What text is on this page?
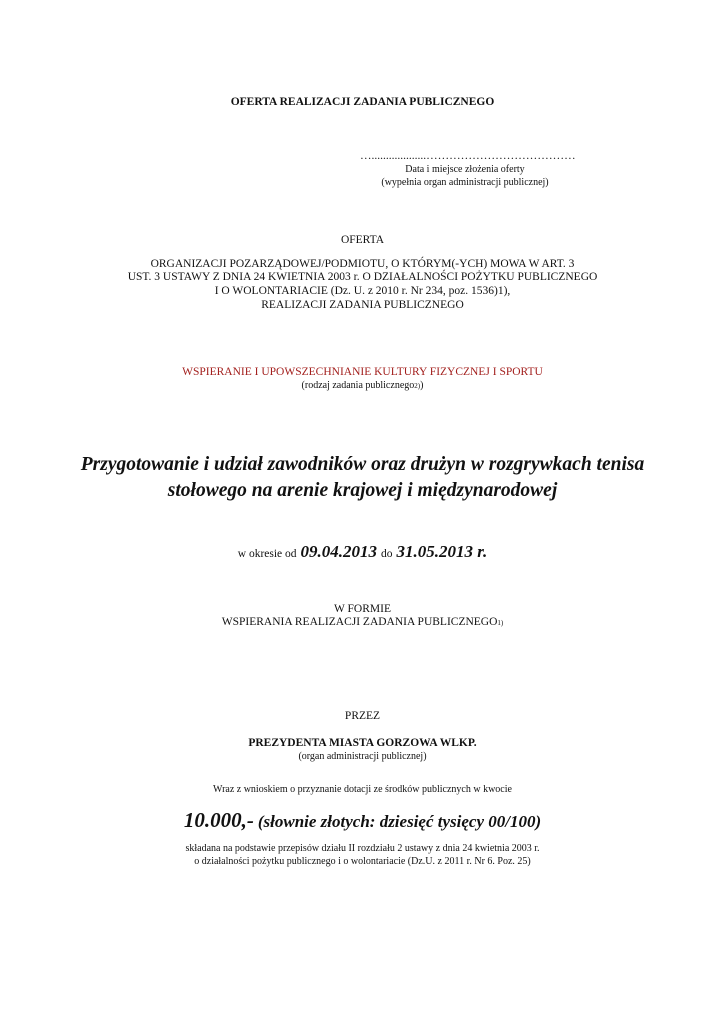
OFERTA REALIZACJI ZADANIA PUBLICZNEGO
…...................…………………………………
Data i miejsce złożenia oferty
(wypełnia organ administracji publicznej)
OFERTA
ORGANIZACJI POZARZĄDOWEJ/PODMIOTU, O KTÓRYM(-YCH) MOWA W ART. 3
UST. 3 USTAWY Z DNIA 24 KWIETNIA 2003 r. O DZIAŁALNOŚCI POŻYTKU PUBLICZNEGO
I O WOLONTARIACIE (Dz. U. z 2010 r. Nr 234, poz. 1536)1),
REALIZACJI ZADANIA PUBLICZNEGO
WSPIERANIE I UPOWSZECHNIANIE KULTURY FIZYCZNEJ I SPORTU
(rodzaj zadania publicznego2))
Przygotowanie i udział zawodników oraz drużyn w rozgrywkach tenisa
stołowego na arenie krajowej i międzynarodowej
w okresie od 09.04.2013 do 31.05.2013 r.
W FORMIE
WSPIERANIA REALIZACJI ZADANIA PUBLICZNEGO1)
PRZEZ
PREZYDENTA MIASTA GORZOWA WLKP.
(organ administracji publicznej)
Wraz z wnioskiem o przyznanie dotacji ze środków publicznych w kwocie
10.000,- (słownie złotych: dziesięć tysięcy 00/100)
składana na podstawie przepisów działu II rozdziału 2 ustawy z dnia 24 kwietnia 2003 r.
o działalności pożytku publicznego i o wolontariacie (Dz.U. z 2011 r. Nr 6. Poz. 25)
